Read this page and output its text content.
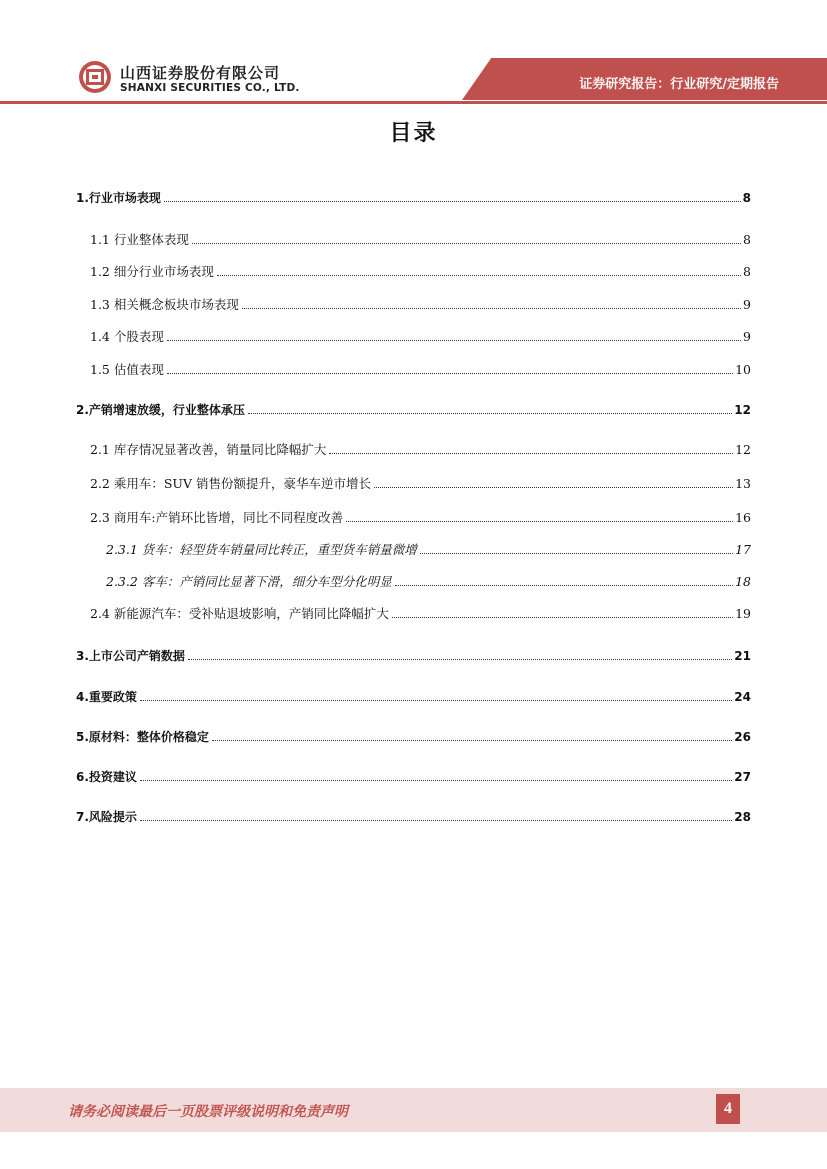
山西证券股份有限公司
SHANXI SECURITIES CO., LTD.	证券研究报告：行业研究/定期报告
目录
1.行业市场表现	8
1.1 行业整体表现	8
1.2 细分行业市场表现	8
1.3 相关概念板块市场表现	9
1.4 个股表现	9
1.5 估值表现	10
2.产销增速放缓，行业整体承压	12
2.1 库存情况显著改善，销量同比降幅扩大	12
2.2 乘用车：SUV 销售份额提升，豪华车逆市增长	13
2.3 商用车:产销环比皆增，同比不同程度改善	16
2.3.1 货车：轻型货车销量同比转正，重型货车销量微增	17
2.3.2 客车：产销同比显著下滑，细分车型分化明显	18
2.4 新能源汽车：受补贴退坡影响，产销同比降幅扩大	19
3.上市公司产销数据	21
4.重要政策	24
5.原材料：整体价格稳定	26
6.投资建议	27
7.风险提示	28
请务必阅读最后一页股票评级说明和免责声明	4
